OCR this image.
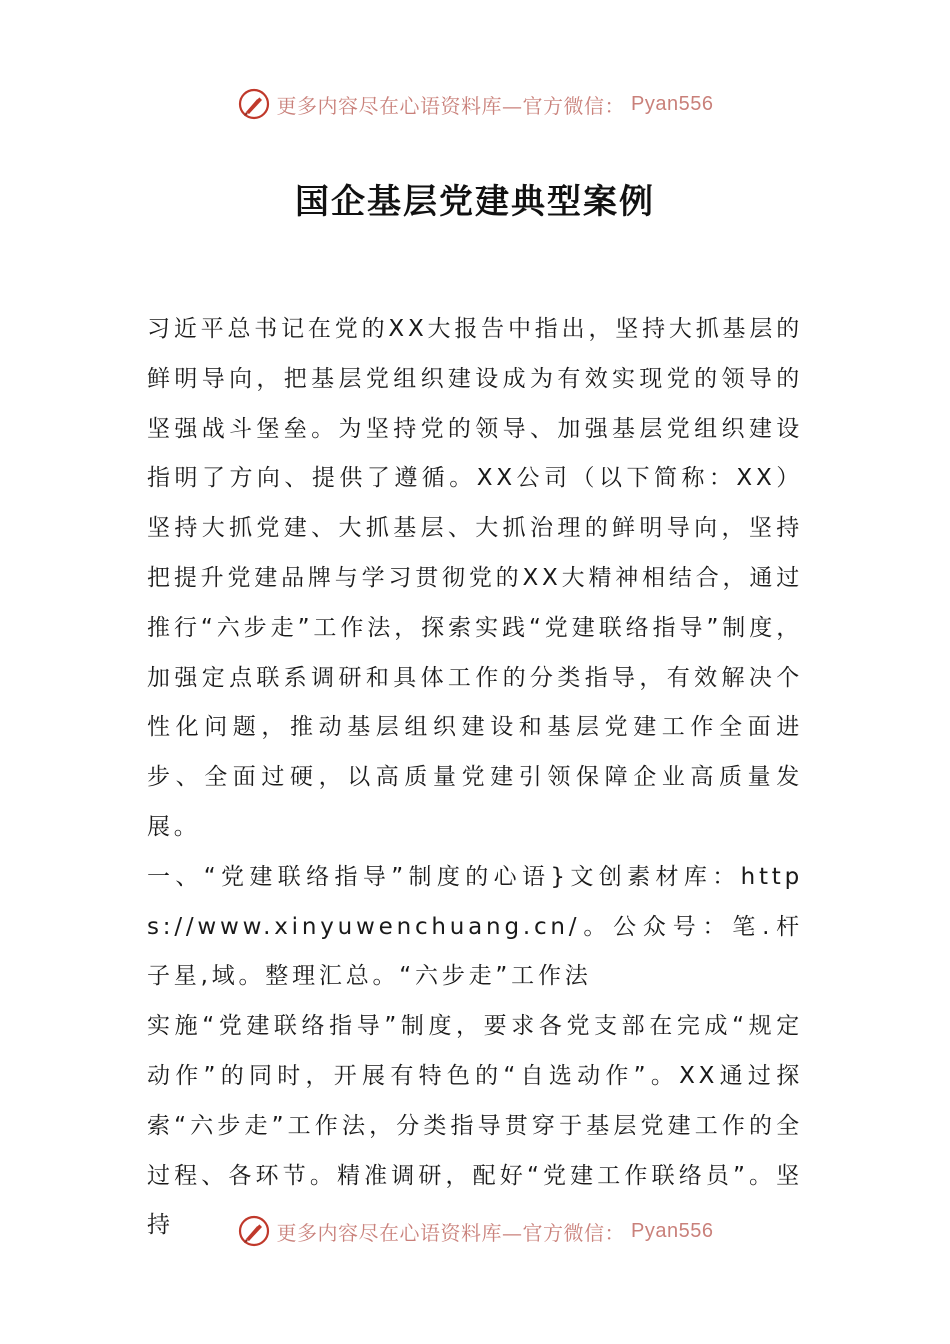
更多内容尽在心语资料库—官方微信： Pyan556
国企基层党建典型案例

习近平总书记在党的XX大报告中指出，坚持大抓基层的鲜明导向，把基层党组织建设成为有效实现党的领导的坚强战斗堡垒。为坚持党的领导、加强基层党组织建设指明了方向、提供了遵循。XX公司（以下简称：XX）坚持大抓党建、大抓基层、大抓治理的鲜明导向，坚持把提升党建品牌与学习贯彻党的XX大精神相结合，通过推行“六步走”工作法，探索实践“党建联络指导”制度，加强定点联系调研和具体工作的分类指导，有效解决个性化问题，推动基层组织建设和基层党建工作全面进步、全面过硬，以高质量党建引领保障企业高质量发展。

一、“党建联络指导”制度的心语}文创素材库：https://www.xinyuwenchuang.cn/。公众号：笔.杆子星,域。整理汇总。“六步走”工作法

实施“党建联络指导”制度，要求各党支部在完成“规定动作”的同时，开展有特色的“自选动作”。XX通过探索“六步走”工作法，分类指导贯穿于基层党建工作的全过程、各环节。精准调研，配好“党建工作联络员”。坚持	更多内容尽在心语资料库—官方微信： Pyan556
